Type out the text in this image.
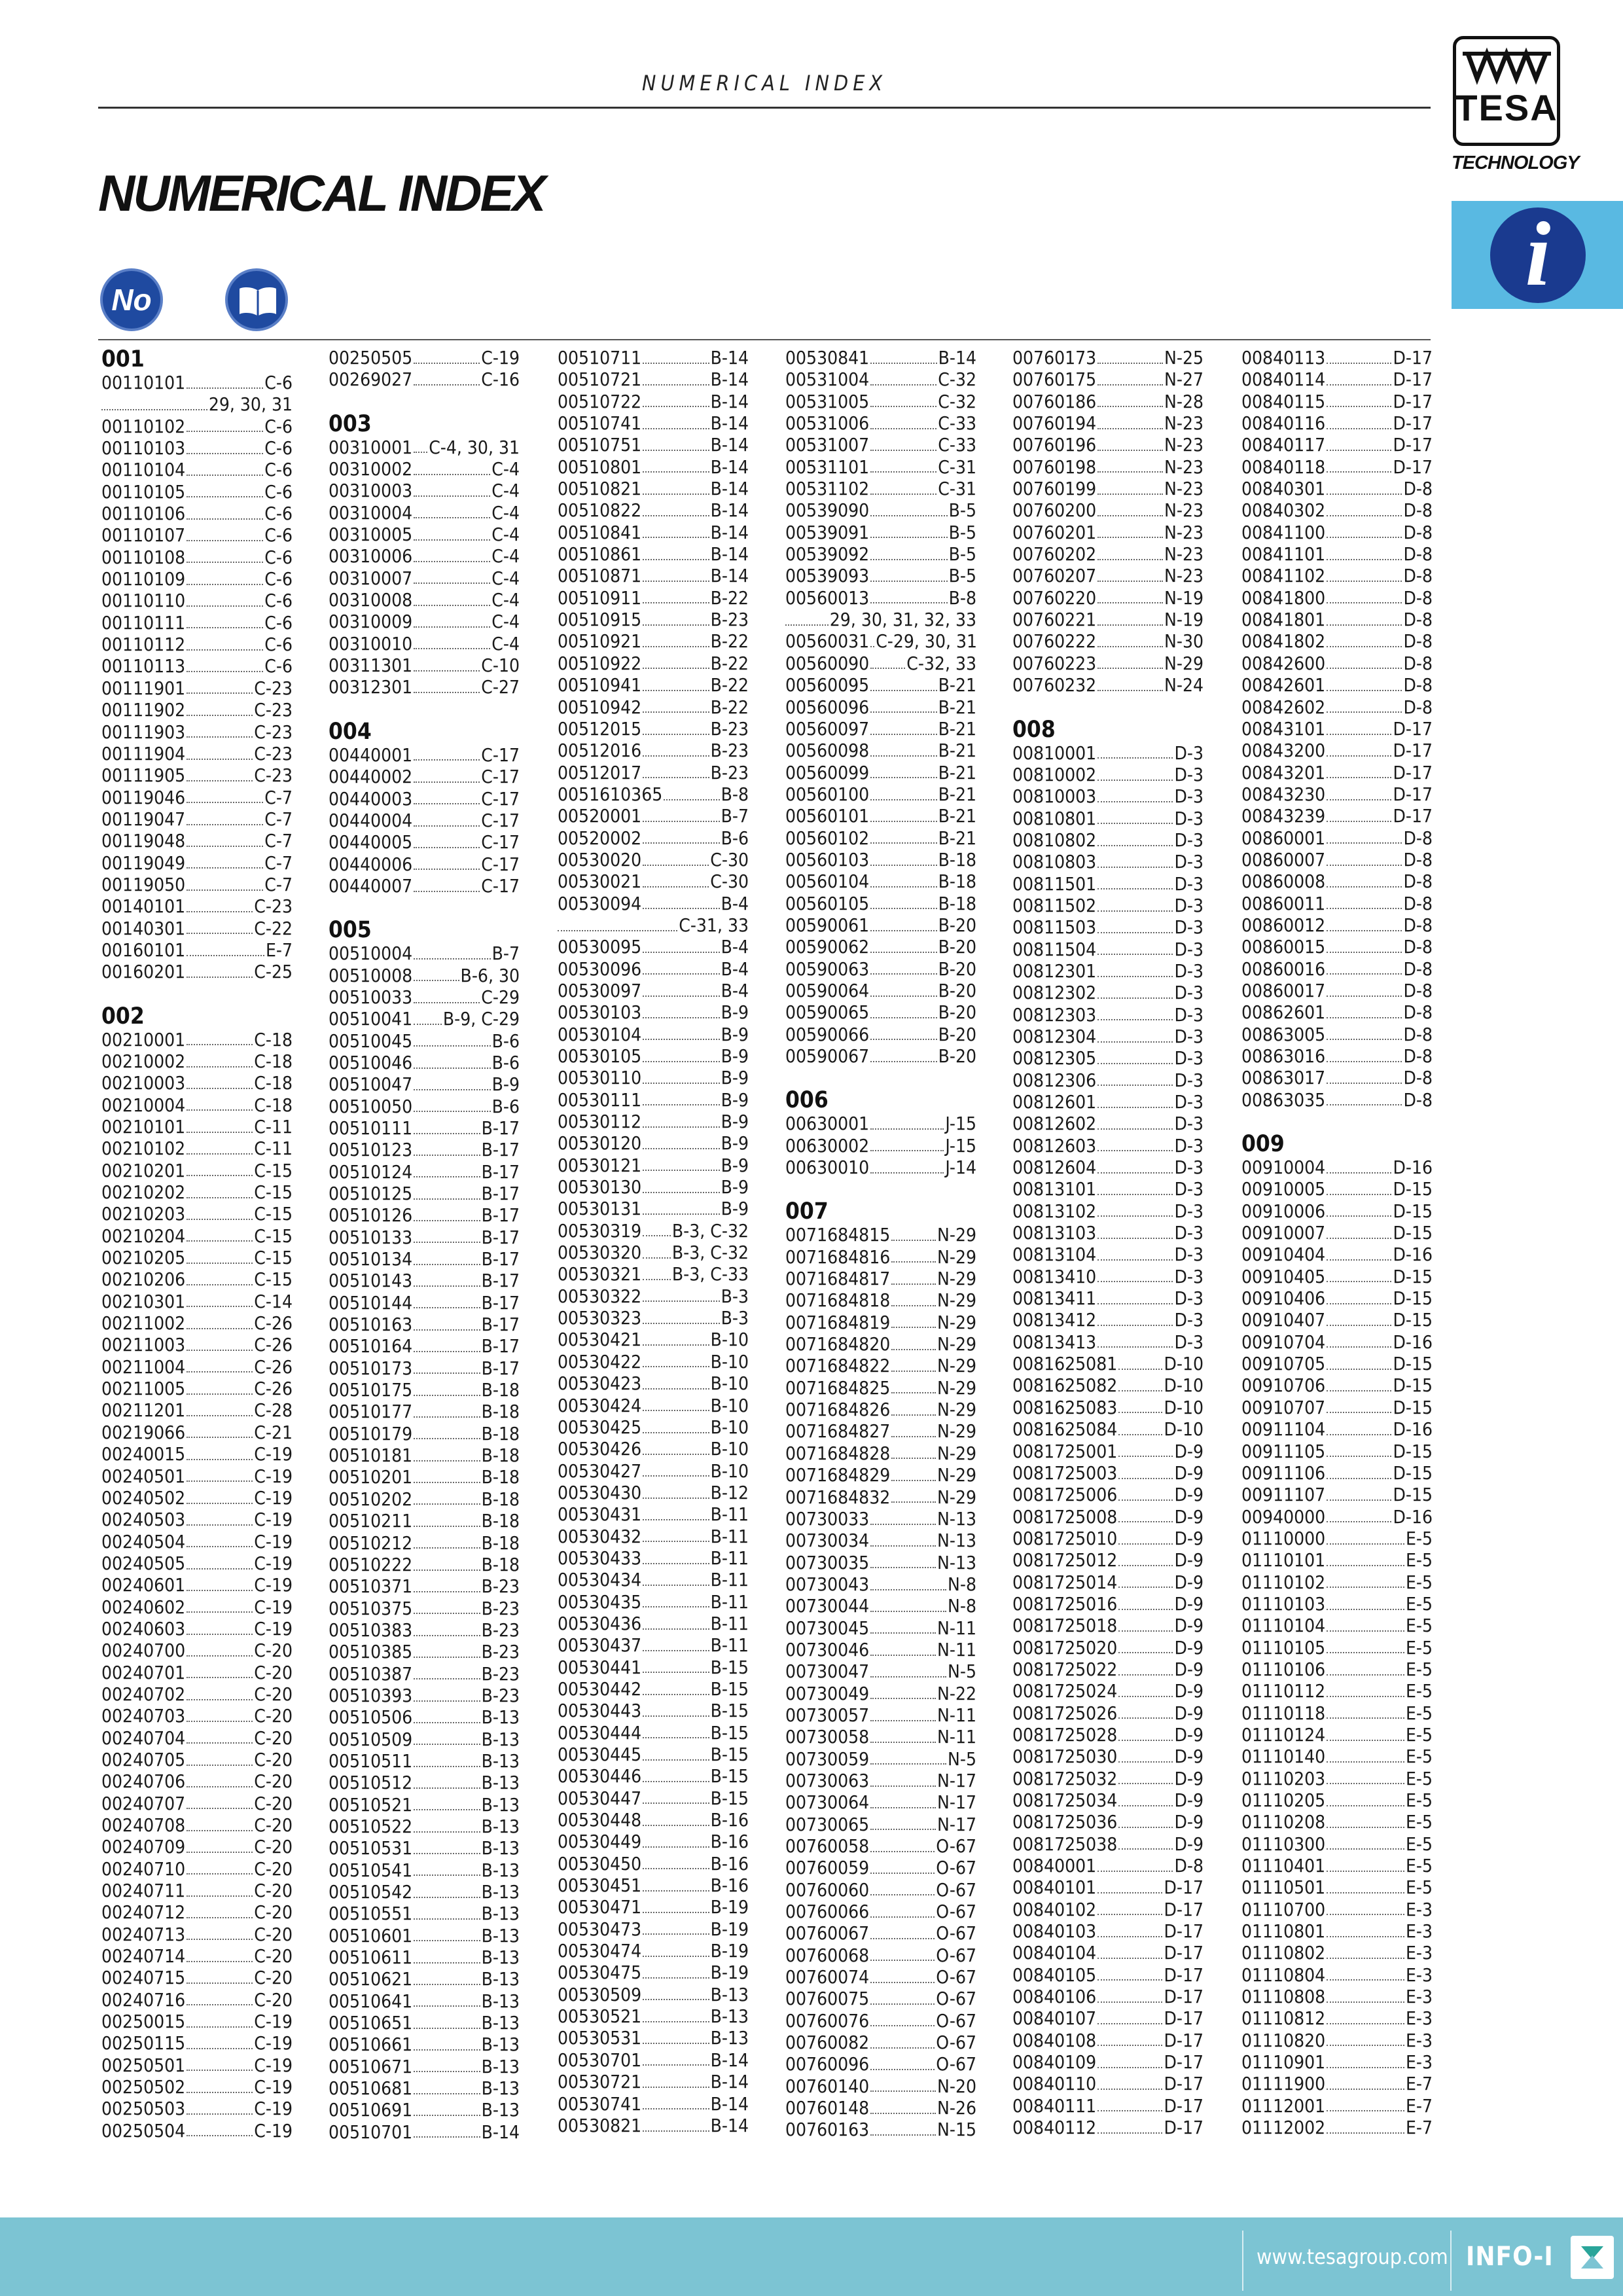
NUMERICAL INDEX
TESA
TECHNOLOGY
i
NUMERICAL INDEX
No
001
00110101	C-6
29, 30, 31
00110102	C-6
00110103	C-6
00110104	C-6
00110105	C-6
00110106	C-6
00110107	C-6
00110108	C-6
00110109	C-6
00110110	C-6
00110111	C-6
00110112	C-6
00110113	C-6
00111901	C-23
00111902	C-23
00111903	C-23
00111904	C-23
00111905	C-23
00119046	C-7
00119047	C-7
00119048	C-7
00119049	C-7
00119050	C-7
00140101	C-23
00140301	C-22
00160101	E-7
00160201	C-25
002
00210001	C-18
00210002	C-18
00210003	C-18
00210004	C-18
00210101	C-11
00210102	C-11
00210201	C-15
00210202	C-15
00210203	C-15
00210204	C-15
00210205	C-15
00210206	C-15
00210301	C-14
00211002	C-26
00211003	C-26
00211004	C-26
00211005	C-26
00211201	C-28
00219066	C-21
00240015	C-19
00240501	C-19
00240502	C-19
00240503	C-19
00240504	C-19
00240505	C-19
00240601	C-19
00240602	C-19
00240603	C-19
00240700	C-20
00240701	C-20
00240702	C-20
00240703	C-20
00240704	C-20
00240705	C-20
00240706	C-20
00240707	C-20
00240708	C-20
00240709	C-20
00240710	C-20
00240711	C-20
00240712	C-20
00240713	C-20
00240714	C-20
00240715	C-20
00240716	C-20
00250015	C-19
00250115	C-19
00250501	C-19
00250502	C-19
00250503	C-19
00250504	C-19
00250505	C-19
00269027	C-16
003
00310001 C-4, 30, 31
00310002	C-4
00310003	C-4
00310004	C-4
00310005	C-4
00310006	C-4
00310007	C-4
00310008	C-4
00310009	C-4
00310010	C-4
00311301	C-10
00312301	C-27
004
00440001	C-17
00440002	C-17
00440003	C-17
00440004	C-17
00440005	C-17
00440006	C-17
00440007	C-17
005
00510004	B-7
00510008	B-6, 30
00510033	C-29
00510041 B-9, C-29
00510045	B-6
00510046	B-6
00510047	B-9
00510050	B-6
00510111	B-17
00510123	B-17
00510124	B-17
00510125	B-17
00510126	B-17
00510133	B-17
00510134	B-17
00510143	B-17
00510144	B-17
00510163	B-17
00510164	B-17
00510173	B-17
00510175	B-18
00510177	B-18
00510179	B-18
00510181	B-18
00510201	B-18
00510202	B-18
00510211	B-18
00510212	B-18
00510222	B-18
00510371	B-23
00510375	B-23
00510383	B-23
00510385	B-23
00510387	B-23
00510393	B-23
00510506	B-13
00510509	B-13
00510511	B-13
00510512	B-13
00510521	B-13
00510522	B-13
00510531	B-13
00510541	B-13
00510542	B-13
00510551	B-13
00510601	B-13
00510611	B-13
00510621	B-13
00510641	B-13
00510651	B-13
00510661	B-13
00510671	B-13
00510681	B-13
00510691	B-13
00510701	B-14
00510711	B-14
00510721	B-14
00510722	B-14
00510741	B-14
00510751	B-14
00510801	B-14
00510821	B-14
00510822	B-14
00510841	B-14
00510861	B-14
00510871	B-14
00510911	B-22
00510915	B-23
00510921	B-22
00510922	B-22
00510941	B-22
00510942	B-22
00512015	B-23
00512016	B-23
00512017	B-23
0051610365	B-8
00520001	B-7
00520002	B-6
00530020	C-30
00530021	C-30
00530094	B-4
C-31, 33
00530095	B-4
00530096	B-4
00530097	B-4
00530103	B-9
00530104	B-9
00530105	B-9
00530110	B-9
00530111	B-9
00530112	B-9
00530120	B-9
00530121	B-9
00530130	B-9
00530131	B-9
00530319 B-3, C-32
00530320 B-3, C-32
00530321 B-3, C-33
00530322	B-3
00530323	B-3
00530421	B-10
00530422	B-10
00530423	B-10
00530424	B-10
00530425	B-10
00530426	B-10
00530427	B-10
00530430	B-12
00530431	B-11
00530432	B-11
00530433	B-11
00530434	B-11
00530435	B-11
00530436	B-11
00530437	B-11
00530441	B-15
00530442	B-15
00530443	B-15
00530444	B-15
00530445	B-15
00530446	B-15
00530447	B-15
00530448	B-16
00530449	B-16
00530450	B-16
00530451	B-16
00530471	B-19
00530473	B-19
00530474	B-19
00530475	B-19
00530509	B-13
00530521	B-13
00530531	B-13
00530701	B-14
00530721	B-14
00530741	B-14
00530821	B-14
00530841	B-14
00531004	C-32
00531005	C-32
00531006	C-33
00531007	C-33
00531101	C-31
00531102	C-31
00539090	B-5
00539091	B-5
00539092	B-5
00539093	B-5
00560013	B-8
29, 30, 31, 32, 33
00560031 C-29, 30, 31
00560090 C-32, 33
00560095	B-21
00560096	B-21
00560097	B-21
00560098	B-21
00560099	B-21
00560100	B-21
00560101	B-21
00560102	B-21
00560103	B-18
00560104	B-18
00560105	B-18
00590061	B-20
00590062	B-20
00590063	B-20
00590064	B-20
00590065	B-20
00590066	B-20
00590067	B-20
006
00630001	J-15
00630002	J-15
00630010	J-14
007
0071684815	N-29
0071684816	N-29
0071684817	N-29
0071684818	N-29
0071684819	N-29
0071684820	N-29
0071684822	N-29
0071684825	N-29
0071684826	N-29
0071684827	N-29
0071684828	N-29
0071684829	N-29
0071684832	N-29
00730033	N-13
00730034	N-13
00730035	N-13
00730043	N-8
00730044	N-8
00730045	N-11
00730046	N-11
00730047	N-5
00730049	N-22
00730057	N-11
00730058	N-11
00730059	N-5
00730063	N-17
00730064	N-17
00730065	N-17
00760058	O-67
00760059	O-67
00760060	O-67
00760066	O-67
00760067	O-67
00760068	O-67
00760074	O-67
00760075	O-67
00760076	O-67
00760082	O-67
00760096	O-67
00760140	N-20
00760148	N-26
00760163	N-15
00760173	N-25
00760175	N-27
00760186	N-28
00760194	N-23
00760196	N-23
00760198	N-23
00760199	N-23
00760200	N-23
00760201	N-23
00760202	N-23
00760207	N-23
00760220	N-19
00760221	N-19
00760222	N-30
00760223	N-29
00760232	N-24
008
00810001	D-3
00810002	D-3
00810003	D-3
00810801	D-3
00810802	D-3
00810803	D-3
00811501	D-3
00811502	D-3
00811503	D-3
00811504	D-3
00812301	D-3
00812302	D-3
00812303	D-3
00812304	D-3
00812305	D-3
00812306	D-3
00812601	D-3
00812602	D-3
00812603	D-3
00812604	D-3
00813101	D-3
00813102	D-3
00813103	D-3
00813104	D-3
00813410	D-3
00813411	D-3
00813412	D-3
00813413	D-3
0081625081	D-10
0081625082	D-10
0081625083	D-10
0081625084	D-10
0081725001	D-9
0081725003	D-9
0081725006	D-9
0081725008	D-9
0081725010	D-9
0081725012	D-9
0081725014	D-9
0081725016	D-9
0081725018	D-9
0081725020	D-9
0081725022	D-9
0081725024	D-9
0081725026	D-9
0081725028	D-9
0081725030	D-9
0081725032	D-9
0081725034	D-9
0081725036	D-9
0081725038	D-9
00840001	D-8
00840101	D-17
00840102	D-17
00840103	D-17
00840104	D-17
00840105	D-17
00840106	D-17
00840107	D-17
00840108	D-17
00840109	D-17
00840110	D-17
00840111	D-17
00840112	D-17
00840113	D-17
00840114	D-17
00840115	D-17
00840116	D-17
00840117	D-17
00840118	D-17
00840301	D-8
00840302	D-8
00841100	D-8
00841101	D-8
00841102	D-8
00841800	D-8
00841801	D-8
00841802	D-8
00842600	D-8
00842601	D-8
00842602	D-8
00843101	D-17
00843200	D-17
00843201	D-17
00843230	D-17
00843239	D-17
00860001	D-8
00860007	D-8
00860008	D-8
00860011	D-8
00860012	D-8
00860015	D-8
00860016	D-8
00860017	D-8
00862601	D-8
00863005	D-8
00863016	D-8
00863017	D-8
00863035	D-8
009
00910004	D-16
00910005	D-15
00910006	D-15
00910007	D-15
00910404	D-16
00910405	D-15
00910406	D-15
00910407	D-15
00910704	D-16
00910705	D-15
00910706	D-15
00910707	D-15
00911104	D-16
00911105	D-15
00911106	D-15
00911107	D-15
00940000	D-16
01110000	E-5
01110101	E-5
01110102	E-5
01110103	E-5
01110104	E-5
01110105	E-5
01110106	E-5
01110112	E-5
01110118	E-5
01110124	E-5
01110140	E-5
01110203	E-5
01110205	E-5
01110208	E-5
01110300	E-5
01110401	E-5
01110501	E-5
01110700	E-3
01110801	E-3
01110802	E-3
01110804	E-3
01110808	E-3
01110812	E-3
01110820	E-3
01110901	E-3
01111900	E-7
01112001	E-7
01112002	E-7
www.tesagroup.com INFO-I
